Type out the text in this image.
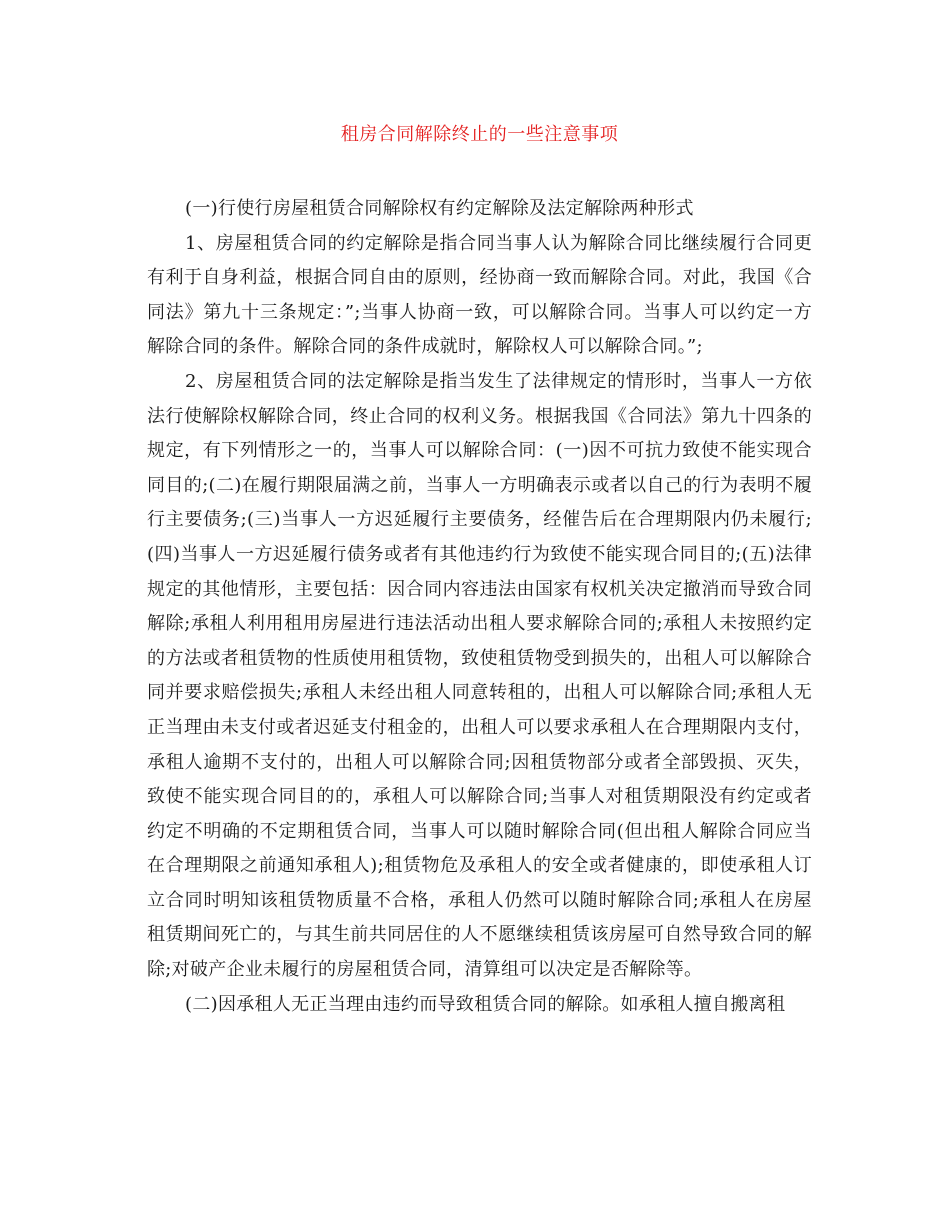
租房合同解除终止的一些注意事项

(一)行使行房屋租赁合同解除权有约定解除及法定解除两种形式

1、房屋租赁合同的约定解除是指合同当事人认为解除合同比继续履行合同更有利于自身利益，根据合同自由的原则，经协商一致而解除合同。对此，我国《合同法》第九十三条规定：”;当事人协商一致，可以解除合同。当事人可以约定一方解除合同的条件。解除合同的条件成就时，解除权人可以解除合同。”;

2、房屋租赁合同的法定解除是指当发生了法律规定的情形时，当事人一方依法行使解除权解除合同，终止合同的权利义务。根据我国《合同法》第九十四条的规定，有下列情形之一的，当事人可以解除合同：(一)因不可抗力致使不能实现合同目的;(二)在履行期限届满之前，当事人一方明确表示或者以自己的行为表明不履行主要债务;(三)当事人一方迟延履行主要债务，经催告后在合理期限内仍未履行;(四)当事人一方迟延履行债务或者有其他违约行为致使不能实现合同目的;(五)法律规定的其他情形，主要包括：因合同内容违法由国家有权机关决定撤消而导致合同解除;承租人利用租用房屋进行违法活动出租人要求解除合同的;承租人未按照约定的方法或者租赁物的性质使用租赁物，致使租赁物受到损失的，出租人可以解除合同并要求赔偿损失;承租人未经出租人同意转租的，出租人可以解除合同;承租人无正当理由未支付或者迟延支付租金的，出租人可以要求承租人在合理期限内支付，承租人逾期不支付的，出租人可以解除合同;因租赁物部分或者全部毁损、灭失，致使不能实现合同目的的，承租人可以解除合同;当事人对租赁期限没有约定或者约定不明确的不定期租赁合同，当事人可以随时解除合同(但出租人解除合同应当在合理期限之前通知承租人);租赁物危及承租人的安全或者健康的，即使承租人订立合同时明知该租赁物质量不合格，承租人仍然可以随时解除合同;承租人在房屋租赁期间死亡的，与其生前共同居住的人不愿继续租赁该房屋可自然导致合同的解除;对破产企业未履行的房屋租赁合同，清算组可以决定是否解除等。

(二)因承租人无正当理由违约而导致租赁合同的解除。如承租人擅自搬离租
